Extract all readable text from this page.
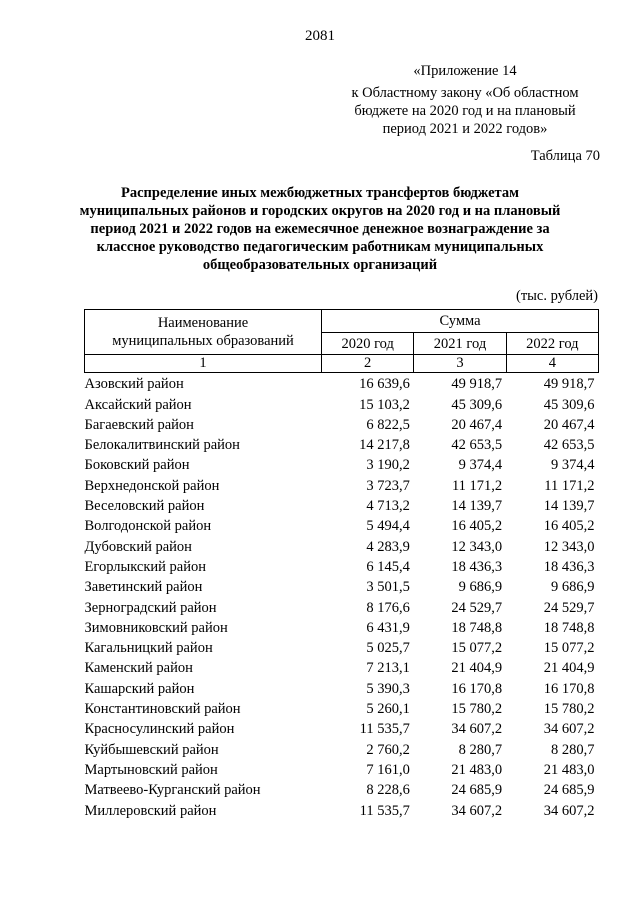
2081
«Приложение 14
к Областному закону «Об областном
бюджете на 2020 год и на плановый
период 2021 и 2022 годов»
Таблица 70
Распределение иных межбюджетных трансфертов бюджетам
муниципальных районов и городских округов на 2020 год и на плановый
период 2021 и 2022 годов на ежемесячное денежное вознаграждение за
классное руководство педагогическим работникам муниципальных
общеобразовательных организаций
(тыс. рублей)
Наименование
муниципальных образований	Сумма		
	2020 год	2021 год	2022 год
1	2	3	4
Азовский район	16 639,6	49 918,7	49 918,7
Аксайский район	15 103,2	45 309,6	45 309,6
Багаевский район	6 822,5	20 467,4	20 467,4
Белокалитвинский район	14 217,8	42 653,5	42 653,5
Боковский район	3 190,2	9 374,4	9 374,4
Верхнедонской район	3 723,7	11 171,2	11 171,2
Веселовский район	4 713,2	14 139,7	14 139,7
Волгодонской район	5 494,4	16 405,2	16 405,2
Дубовский район	4 283,9	12 343,0	12 343,0
Егорлыкский район	6 145,4	18 436,3	18 436,3
Заветинский район	3 501,5	9 686,9	9 686,9
Зерноградский район	8 176,6	24 529,7	24 529,7
Зимовниковский район	6 431,9	18 748,8	18 748,8
Кагальницкий район	5 025,7	15 077,2	15 077,2
Каменский район	7 213,1	21 404,9	21 404,9
Кашарский район	5 390,3	16 170,8	16 170,8
Константиновский район	5 260,1	15 780,2	15 780,2
Красносулинский район	11 535,7	34 607,2	34 607,2
Куйбышевский район	2 760,2	8 280,7	8 280,7
Мартыновский район	7 161,0	21 483,0	21 483,0
Матвеево-Курганский район	8 228,6	24 685,9	24 685,9
Миллеровский район	11 535,7	34 607,2	34 607,2
